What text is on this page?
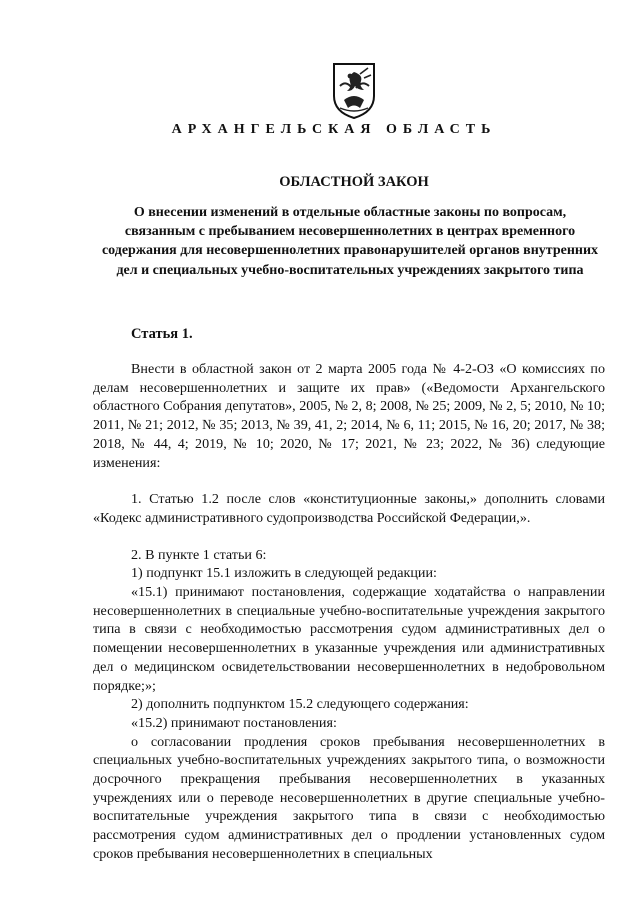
АРХАНГЕЛЬСКАЯ ОБЛАСТЬ
ОБЛАСТНОЙ ЗАКОН
О внесении изменений в отдельные областные законы по вопросам, связанным с пребыванием несовершеннолетних в центрах временного содержания для несовершеннолетних правонарушителей органов внутренних дел и специальных учебно-воспитательных учреждениях закрытого типа
Статья 1.

Внести в областной закон от 2 марта 2005 года № 4-2-ОЗ «О комиссиях по делам несовершеннолетних и защите их прав» («Ведомости Архангельского областного Собрания депутатов», 2005, № 2, 8; 2008, № 25; 2009, № 2, 5; 2010, № 10; 2011, № 21; 2012, № 35; 2013, № 39, 41, 2; 2014, № 6, 11; 2015, № 16, 20; 2017, № 38; 2018, № 44, 4; 2019, № 10; 2020, № 17; 2021, № 23; 2022, № 36) следующие изменения:

1. Статью 1.2 после слов «конституционные законы,» дополнить словами «Кодекс административного судопроизводства Российской Федерации,».

2. В пункте 1 статьи 6:

1) подпункт 15.1 изложить в следующей редакции:

«15.1) принимают постановления, содержащие ходатайства о направлении несовершеннолетних в специальные учебно-воспитательные учреждения закрытого типа в связи с необходимостью рассмотрения судом административных дел о помещении несовершеннолетних в указанные учреждения или административных дел о медицинском освидетельствовании несовершеннолетних в недобровольном порядке;»;

2) дополнить подпунктом 15.2 следующего содержания:

«15.2) принимают постановления:

о согласовании продления сроков пребывания несовершеннолетних в специальных учебно-воспитательных учреждениях закрытого типа, о возможности досрочного прекращения пребывания несовершеннолетних в указанных учреждениях или о переводе несовершеннолетних в другие специальные учебно-воспитательные учреждения закрытого типа в связи с необходимостью рассмотрения судом административных дел о продлении установленных судом сроков пребывания несовершеннолетних в специальных
